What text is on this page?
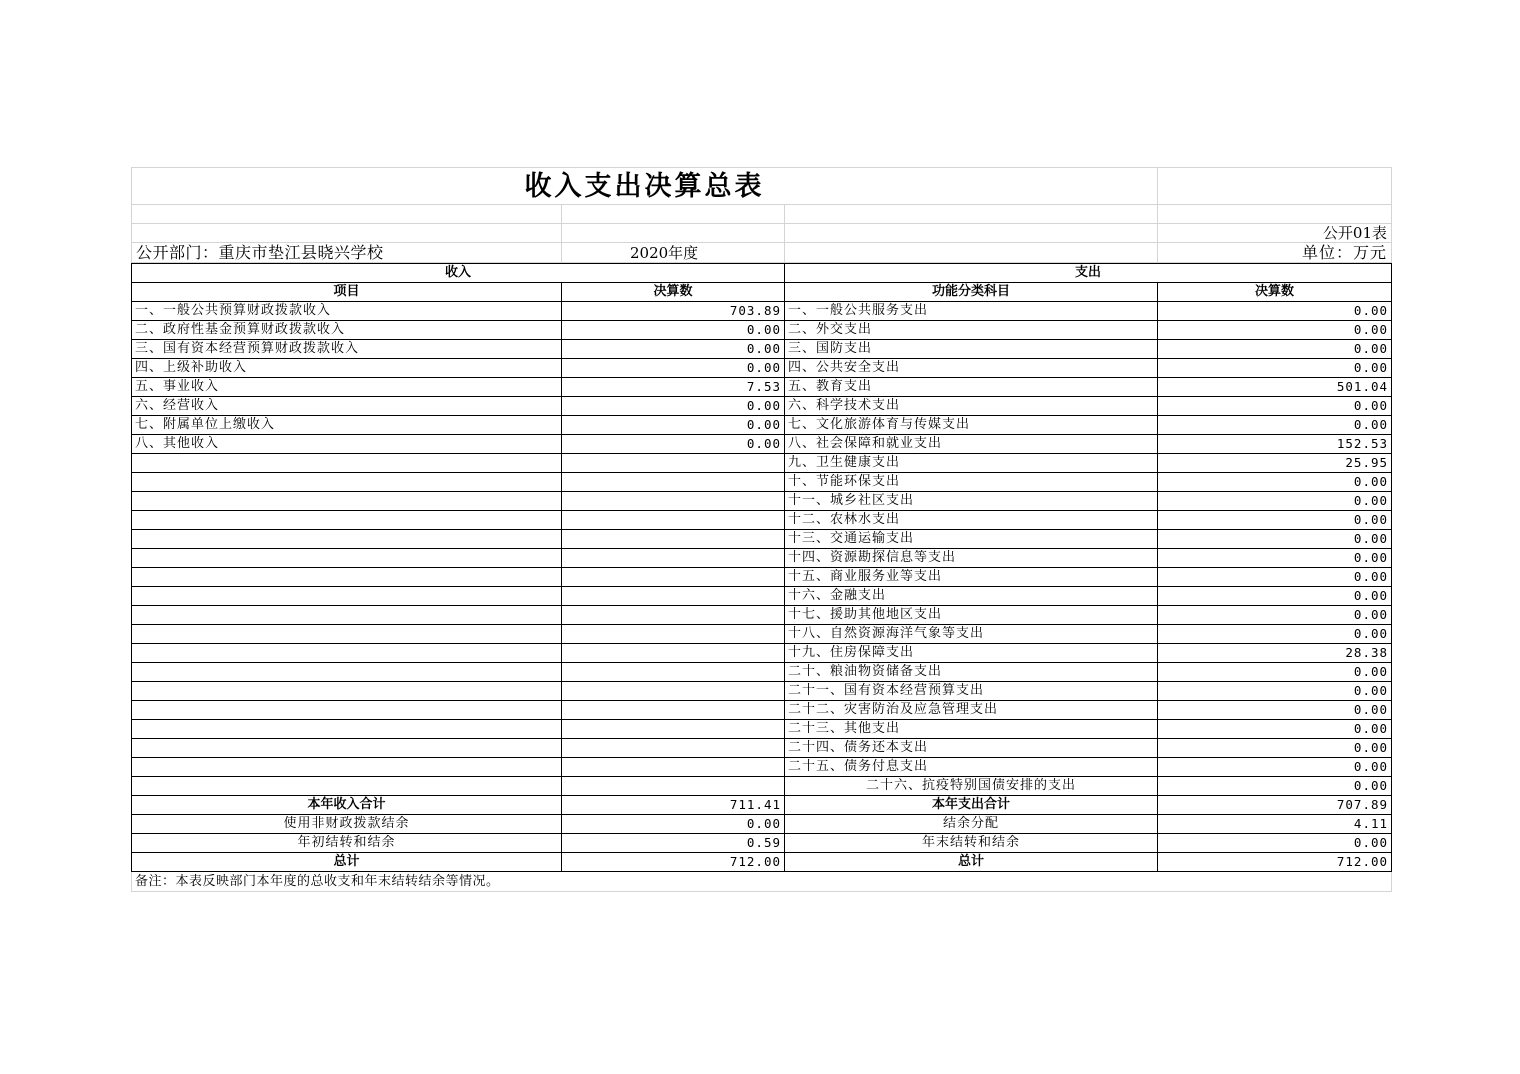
收入支出决算总表
公开01表
公开部门：重庆市垫江县晓兴学校	2020年度	单位：万元
收入		支出	
项目	决算数	功能分类科目	决算数
一、一般公共预算财政拨款收入	703.89	一、一般公共服务支出	0.00
二、政府性基金预算财政拨款收入	0.00	二、外交支出	0.00
三、国有资本经营预算财政拨款收入	0.00	三、国防支出	0.00
四、上级补助收入	0.00	四、公共安全支出	0.00
五、事业收入	7.53	五、教育支出	501.04
六、经营收入	0.00	六、科学技术支出	0.00
七、附属单位上缴收入	0.00	七、文化旅游体育与传媒支出	0.00
八、其他收入	0.00	八、社会保障和就业支出	152.53
		九、卫生健康支出	25.95
		十、节能环保支出	0.00
		十一、城乡社区支出	0.00
		十二、农林水支出	0.00
		十三、交通运输支出	0.00
		十四、资源勘探信息等支出	0.00
		十五、商业服务业等支出	0.00
		十六、金融支出	0.00
		十七、援助其他地区支出	0.00
		十八、自然资源海洋气象等支出	0.00
		十九、住房保障支出	28.38
		二十、粮油物资储备支出	0.00
		二十一、国有资本经营预算支出	0.00
		二十二、灾害防治及应急管理支出	0.00
		二十三、其他支出	0.00
		二十四、债务还本支出	0.00
		二十五、债务付息支出	0.00
		二十六、抗疫特别国债安排的支出	0.00
本年收入合计	711.41	本年支出合计	707.89
使用非财政拨款结余	0.00	结余分配	4.11
年初结转和结余	0.59	年末结转和结余	0.00
总计	712.00	总计	712.00
备注：本表反映部门本年度的总收支和年末结转结余等情况。
